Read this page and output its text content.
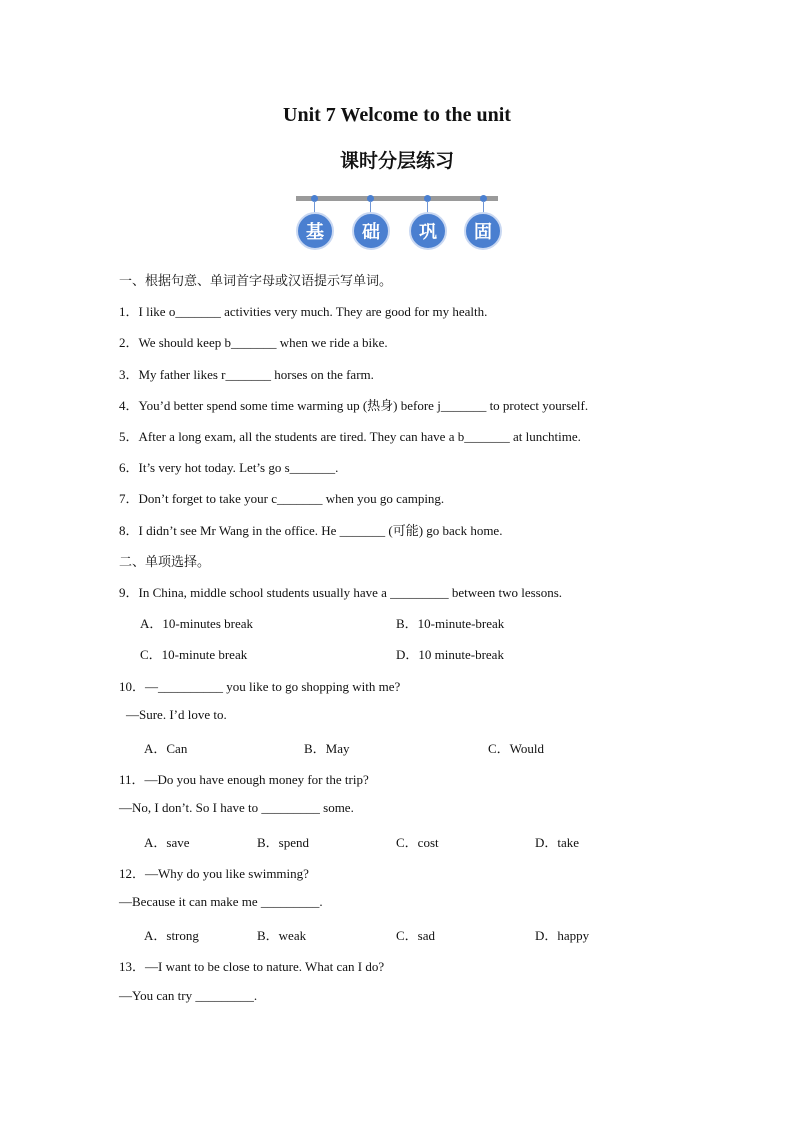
Unit 7 Welcome to the unit
课时分层练习
基	础	巩	固
一、根据句意、单词首字母或汉语提示写单词。
1．I like o_______ activities very much. They are good for my health.
2．We should keep b_______ when we ride a bike.
3．My father likes r_______ horses on the farm.
4．You’d better spend some time warming up (热身) before j_______ to protect yourself.
5．After a long exam, all the students are tired. They can have a b_______ at lunchtime.
6．It’s very hot today. Let’s go s_______.
7．Don’t forget to take your c_______ when you go camping.
8．I didn’t see Mr Wang in the office. He _______ (可能) go back home.
二、单项选择。
9．In China, middle school students usually have a _________ between two lessons.
A．10-minutes break	B．10-minute-break
C．10-minute break	D．10 minute-break
10．—__________ you like to go shopping with me?
—Sure. I’d love to.
A．Can	B．May	C．Would
11．—Do you have enough money for the trip?
—No, I don’t. So I have to _________ some.
A．save	B．spend	C．cost	D．take
12．—Why do you like swimming?
—Because it can make me _________.
A．strong	B．weak	C．sad	D．happy
13．—I want to be close to nature. What can I do?
—You can try _________.
